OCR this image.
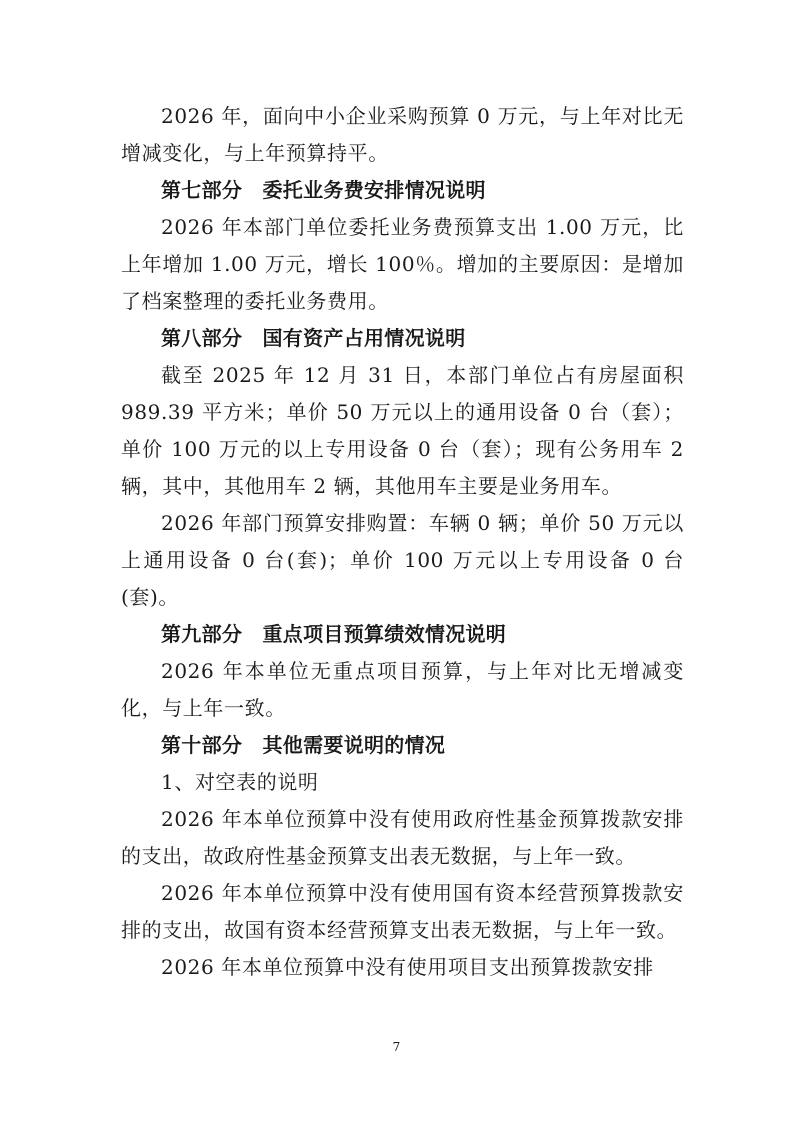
2026 年，面向中小企业采购预算 0 万元，与上年对比无增减变化，与上年预算持平。

第七部分　委托业务费安排情况说明

2026 年本部门单位委托业务费预算支出 1.00 万元，比上年增加 1.00 万元，增长 100％。增加的主要原因：是增加了档案整理的委托业务费用。

第八部分　国有资产占用情况说明

截至 2025 年 12 月 31 日，本部门单位占有房屋面积 989.39 平方米；单价 50 万元以上的通用设备 0 台（套）；单价 100 万元的以上专用设备 0 台（套）；现有公务用车 2 辆，其中，其他用车 2 辆，其他用车主要是业务用车。

2026 年部门预算安排购置：车辆 0 辆；单价 50 万元以上通用设备 0 台(套)；单价 100 万元以上专用设备 0 台(套)。

第九部分　重点项目预算绩效情况说明

2026 年本单位无重点项目预算，与上年对比无增减变化，与上年一致。

第十部分　其他需要说明的情况

1、对空表的说明

2026 年本单位预算中没有使用政府性基金预算拨款安排的支出，故政府性基金预算支出表无数据，与上年一致。

2026 年本单位预算中没有使用国有资本经营预算拨款安排的支出，故国有资本经营预算支出表无数据，与上年一致。

2026 年本单位预算中没有使用项目支出预算拨款安排

7
